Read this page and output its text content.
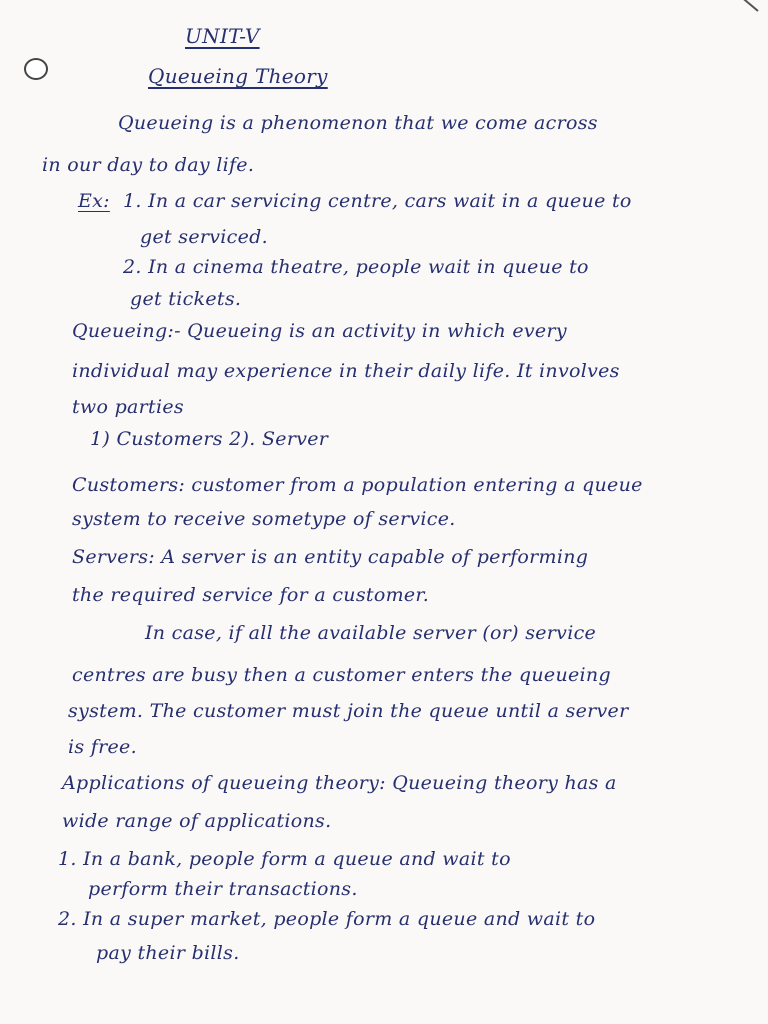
UNIT-V
Queueing Theory
Queueing is a phenomenon that we come across
in our day to day life.
Ex: 1. In a car servicing centre, cars wait in a queue to
get serviced.
2. In a cinema theatre, people wait in queue to
get tickets.
Queueing:- Queueing is an activity in which every
individual may experience in their daily life. It involves
two parties
1) Customers 2). Server
Customers: customer from a population entering a queue
system to receive sometype of service.
Servers: A server is an entity capable of performing
the required service for a customer.
In case, if all the available server (or) service
centres are busy then a customer enters the queueing
system. The customer must join the queue until a server
is free.
Applications of queueing theory: Queueing theory has a
wide range of applications.
1. In a bank, people form a queue and wait to
perform their transactions.
2. In a super market, people form a queue and wait to
pay their bills.
